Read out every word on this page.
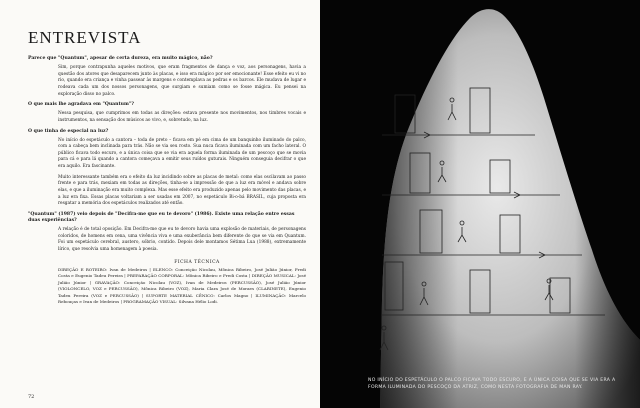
ENTREVISTA
Parece que "Quantum", apesar de certa dureza, era muito mágico, não?
Sim, porque contrapunha aqueles motivos, que eram fragmentos de dança e voz, aos personagens, havia a questão dos atores que desaparecem junto às placas, e isso era mágico por ser emocionante! Esse efeito eu vi no rio, quando era criança e vinha passear às margens e contemplava as pedras e os barcos. Ele mudava de lugar e rodeava cada um dos nossos personagens, que surgiam e sumiam como se fosse mágica. Eu pensei na exploração disso no palco.
O que mais lhe agradava em "Quantum"?
Nessa pesquisa, que cumprimos em todas as direções: estava presente nos movimentos, nos timbres vocais e instrumentos, na sensação dos músicos ao vivo, e, sobretudo, na luz.
O que tinha de especial na luz?
No início do espetáculo a cantora – toda de preto – ficava em pé em cima de um banquinho iluminado do palco, com a cabeça bem inclinada para trás. Não se via seu rosto. Sua nuca ficava iluminada com um facho lateral. O público ficava todo escuro, e a única coisa que se via era aquela forma iluminada de um pescoço que se movia para cá e para lá quando a cantora começava a emitir seus ruídos guturais. Ninguém conseguia decifrar o que era aquilo. Era fascinante.
Muito interessante também era o efeito da luz incidindo sobre as placas de metal: como elas oscilavam ao passo frente e para trás, mexiam em todas as direções, tinha-se a impressão de que a luz era móvel e andava sobre elas, e que a iluminação era muito complexa. Mas esse efeito era produzido apenas pelo movimento das placas, e a luz era fixa. Essas placas voltariam a ser usadas em 2007, no espetáculo Bi-o-bá BRASIL, cuja proposta era resgatar a memória dos espetáculos realizados até então.
"Quantum" (1987) veio depois de "Decifra-me que eu te devoro" (1986). Existe uma relação entre essas duas experiências?
A relação é de total oposição. Em Decifra-me que eu te devoro havia uma explosão de materiais, de personagens coloridos, de homens em cena, uma vivência viva e uma exuberância bem diferente do que se via em Quantum. Foi um espetáculo cerebral, austero, sóbrio, contido. Depois dele montamos Sétima Lua (1988), extremamente lírico, que resolvia uma homenagem à poesia.
FICHA TÉCNICA
DIREÇÃO E ROTEIRO: Ivan de Medeiros | ELENCO: Conceição Nicolau, Mônica Ribeiro, José Julião Júnior, Fredi Costa e Eugenio Tadeu Pereira | PREPARAÇÃO CORPORAL: Mônica Ribeiro e Fredi Costa | DIREÇÃO MUSICAL: José Julião Júnior | GRAVAÇÃO: Conceição Nicolau (VOZ), Ivan de Medeiros (PERCUSSÃO), José Julião Júnior (VIOLONCELO, VOZ e PERCUSSÃO), Mônica Ribeiro (VOZ), Maria Clara José de Moraes (CLARINETE), Eugenio Tadeu Pereira (VOZ e PERCUSSÃO) | SUPORTE MATERIAL CÊNICO: Carlos Magno | ILUMINAÇÃO: Marcelo Rebouças e Ivan de Medeiros | PROGRAMAÇÃO VISUAL: Silvana Hélio Lodi.
72
NO INÍCIO DO ESPETÁCULO O PALCO FICAVA TODO ESCURO, E A ÚNICA COISA QUE SE VIA ERA A FORMA ILUMINADA DO PESCOÇO DA ATRIZ, COMO NESTA FOTOGRAFIA DE MAN RAY.
